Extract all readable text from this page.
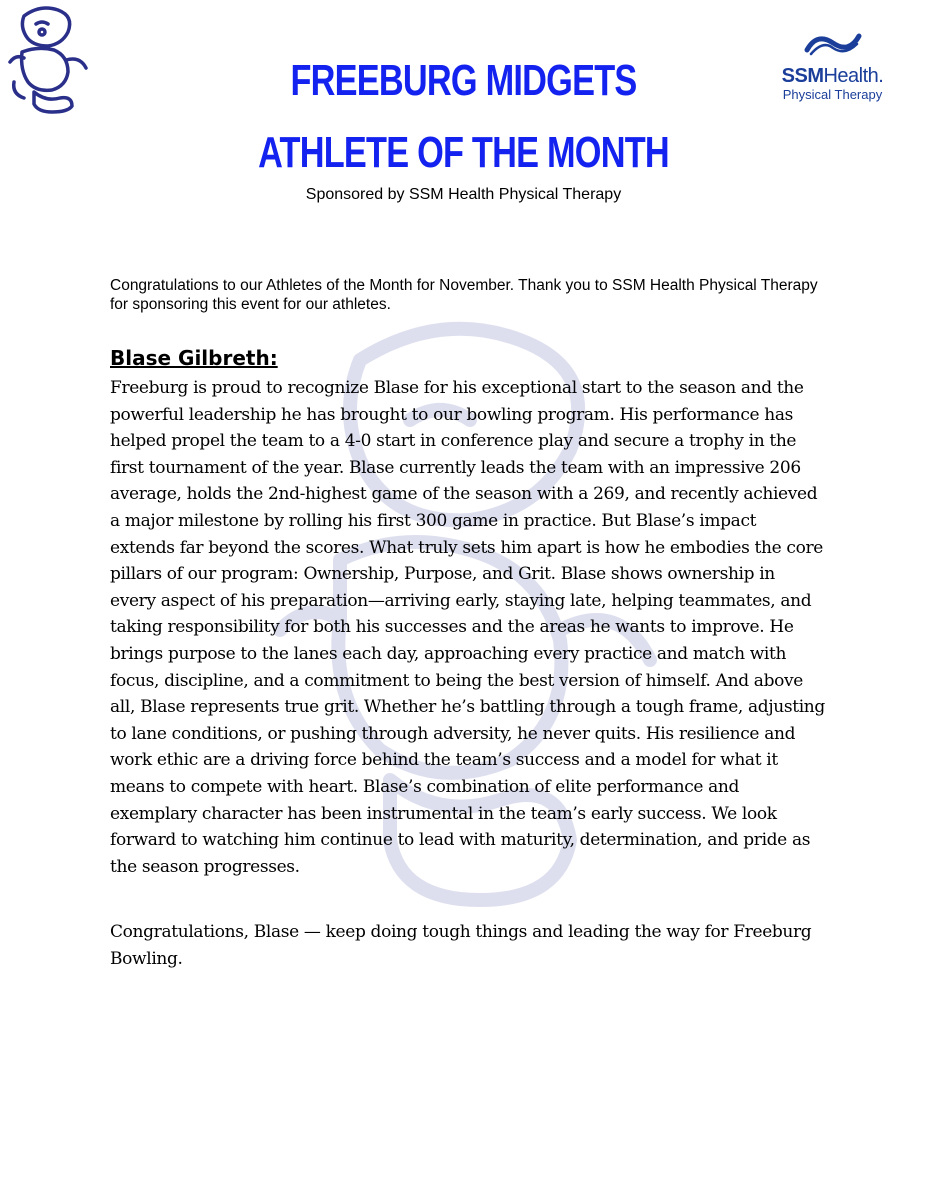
SSMHealth.
Physical Therapy
FREEBURG MIDGETS
ATHLETE OF THE MONTH
Sponsored by SSM Health Physical Therapy
Congratulations to our Athletes of the Month for November. Thank you to SSM Health Physical Therapy for sponsoring this event for our athletes.
Blase Gilbreth:
Freeburg is proud to recognize Blase for his exceptional start to the season and the powerful leadership he has brought to our bowling program. His performance has helped propel the team to a 4-0 start in conference play and secure a trophy in the first tournament of the year. Blase currently leads the team with an impressive 206 average, holds the 2nd-highest game of the season with a 269, and recently achieved a major milestone by rolling his first 300 game in practice. But Blase’s impact extends far beyond the scores. What truly sets him apart is how he embodies the core pillars of our program: Ownership, Purpose, and Grit. Blase shows ownership in every aspect of his preparation—arriving early, staying late, helping teammates, and taking responsibility for both his successes and the areas he wants to improve. He brings purpose to the lanes each day, approaching every practice and match with focus, discipline, and a commitment to being the best version of himself. And above all, Blase represents true grit. Whether he’s battling through a tough frame, adjusting to lane conditions, or pushing through adversity, he never quits. His resilience and work ethic are a driving force behind the team’s success and a model for what it means to compete with heart. Blase’s combination of elite performance and exemplary character has been instrumental in the team’s early success. We look forward to watching him continue to lead with maturity, determination, and pride as the season progresses.
Congratulations, Blase — keep doing tough things and leading the way for Freeburg Bowling.
